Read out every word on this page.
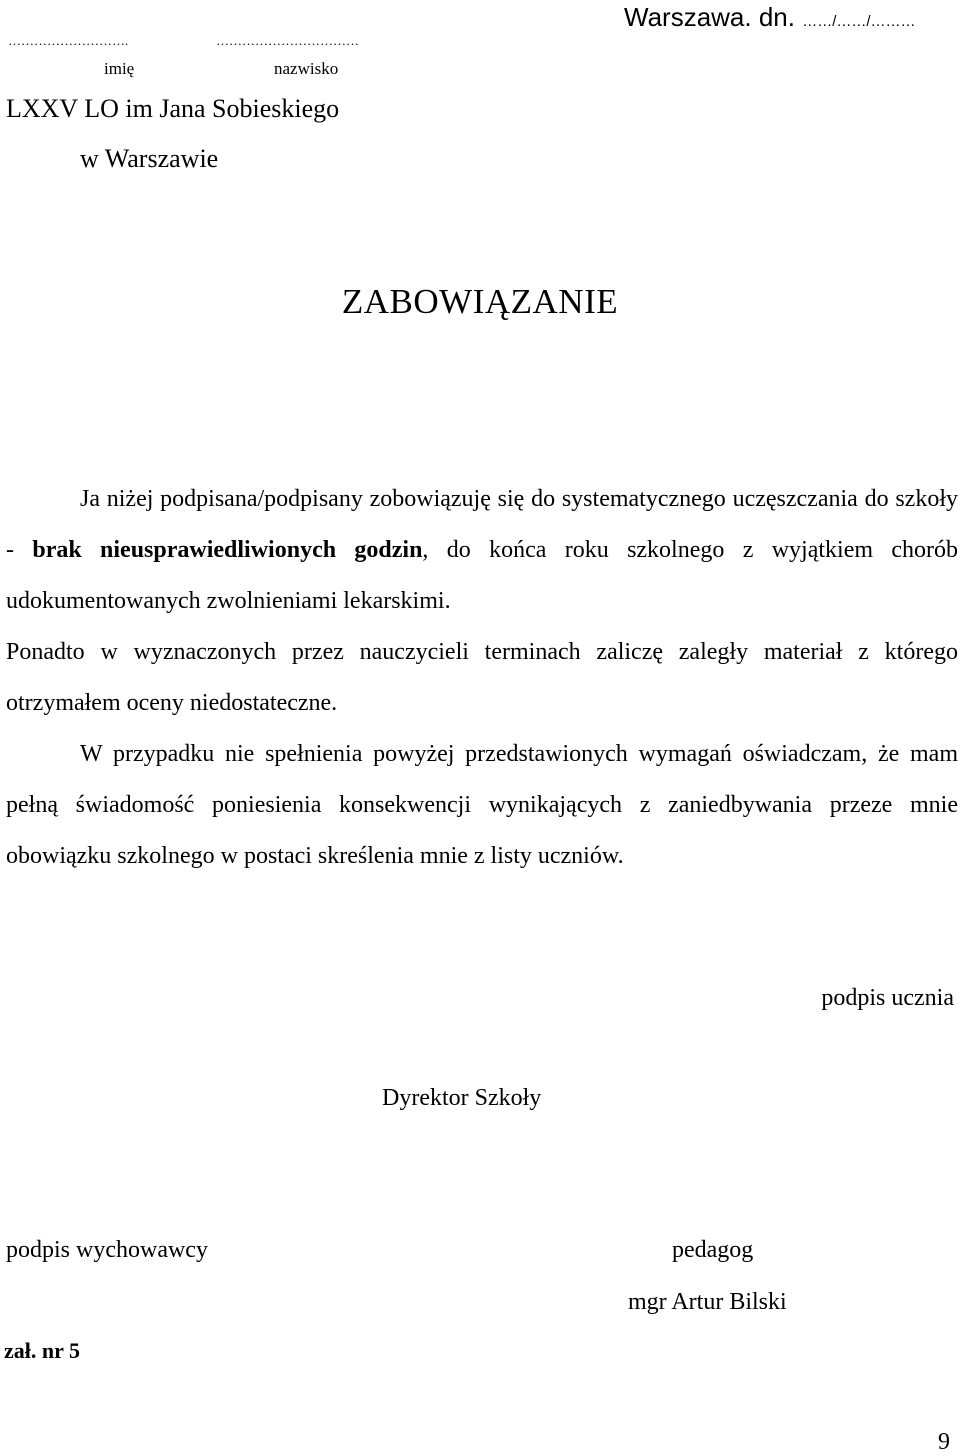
Warszawa. dn. ……/……/………
……………………….	……………………………
imię	nazwisko
LXXV LO im Jana Sobieskiego
w Warszawie
ZABOWIĄZANIE

Ja niżej podpisana/podpisany zobowiązuję się do systematycznego uczęszczania do szkoły - brak nieusprawiedliwionych godzin, do końca roku szkolnego z wyjątkiem chorób udokumentowanych zwolnieniami lekarskimi.

Ponadto w wyznaczonych przez nauczycieli terminach zaliczę zaległy materiał z którego otrzymałem oceny niedostateczne.

W przypadku nie spełnienia powyżej przedstawionych wymagań oświadczam, że mam pełną świadomość poniesienia konsekwencji wynikających z zaniedbywania przeze mnie obowiązku szkolnego w postaci skreślenia mnie z listy uczniów.

podpis ucznia
Dyrektor Szkoły
podpis wychowawcy	pedagog
mgr Artur Bilski
zał. nr 5
9
